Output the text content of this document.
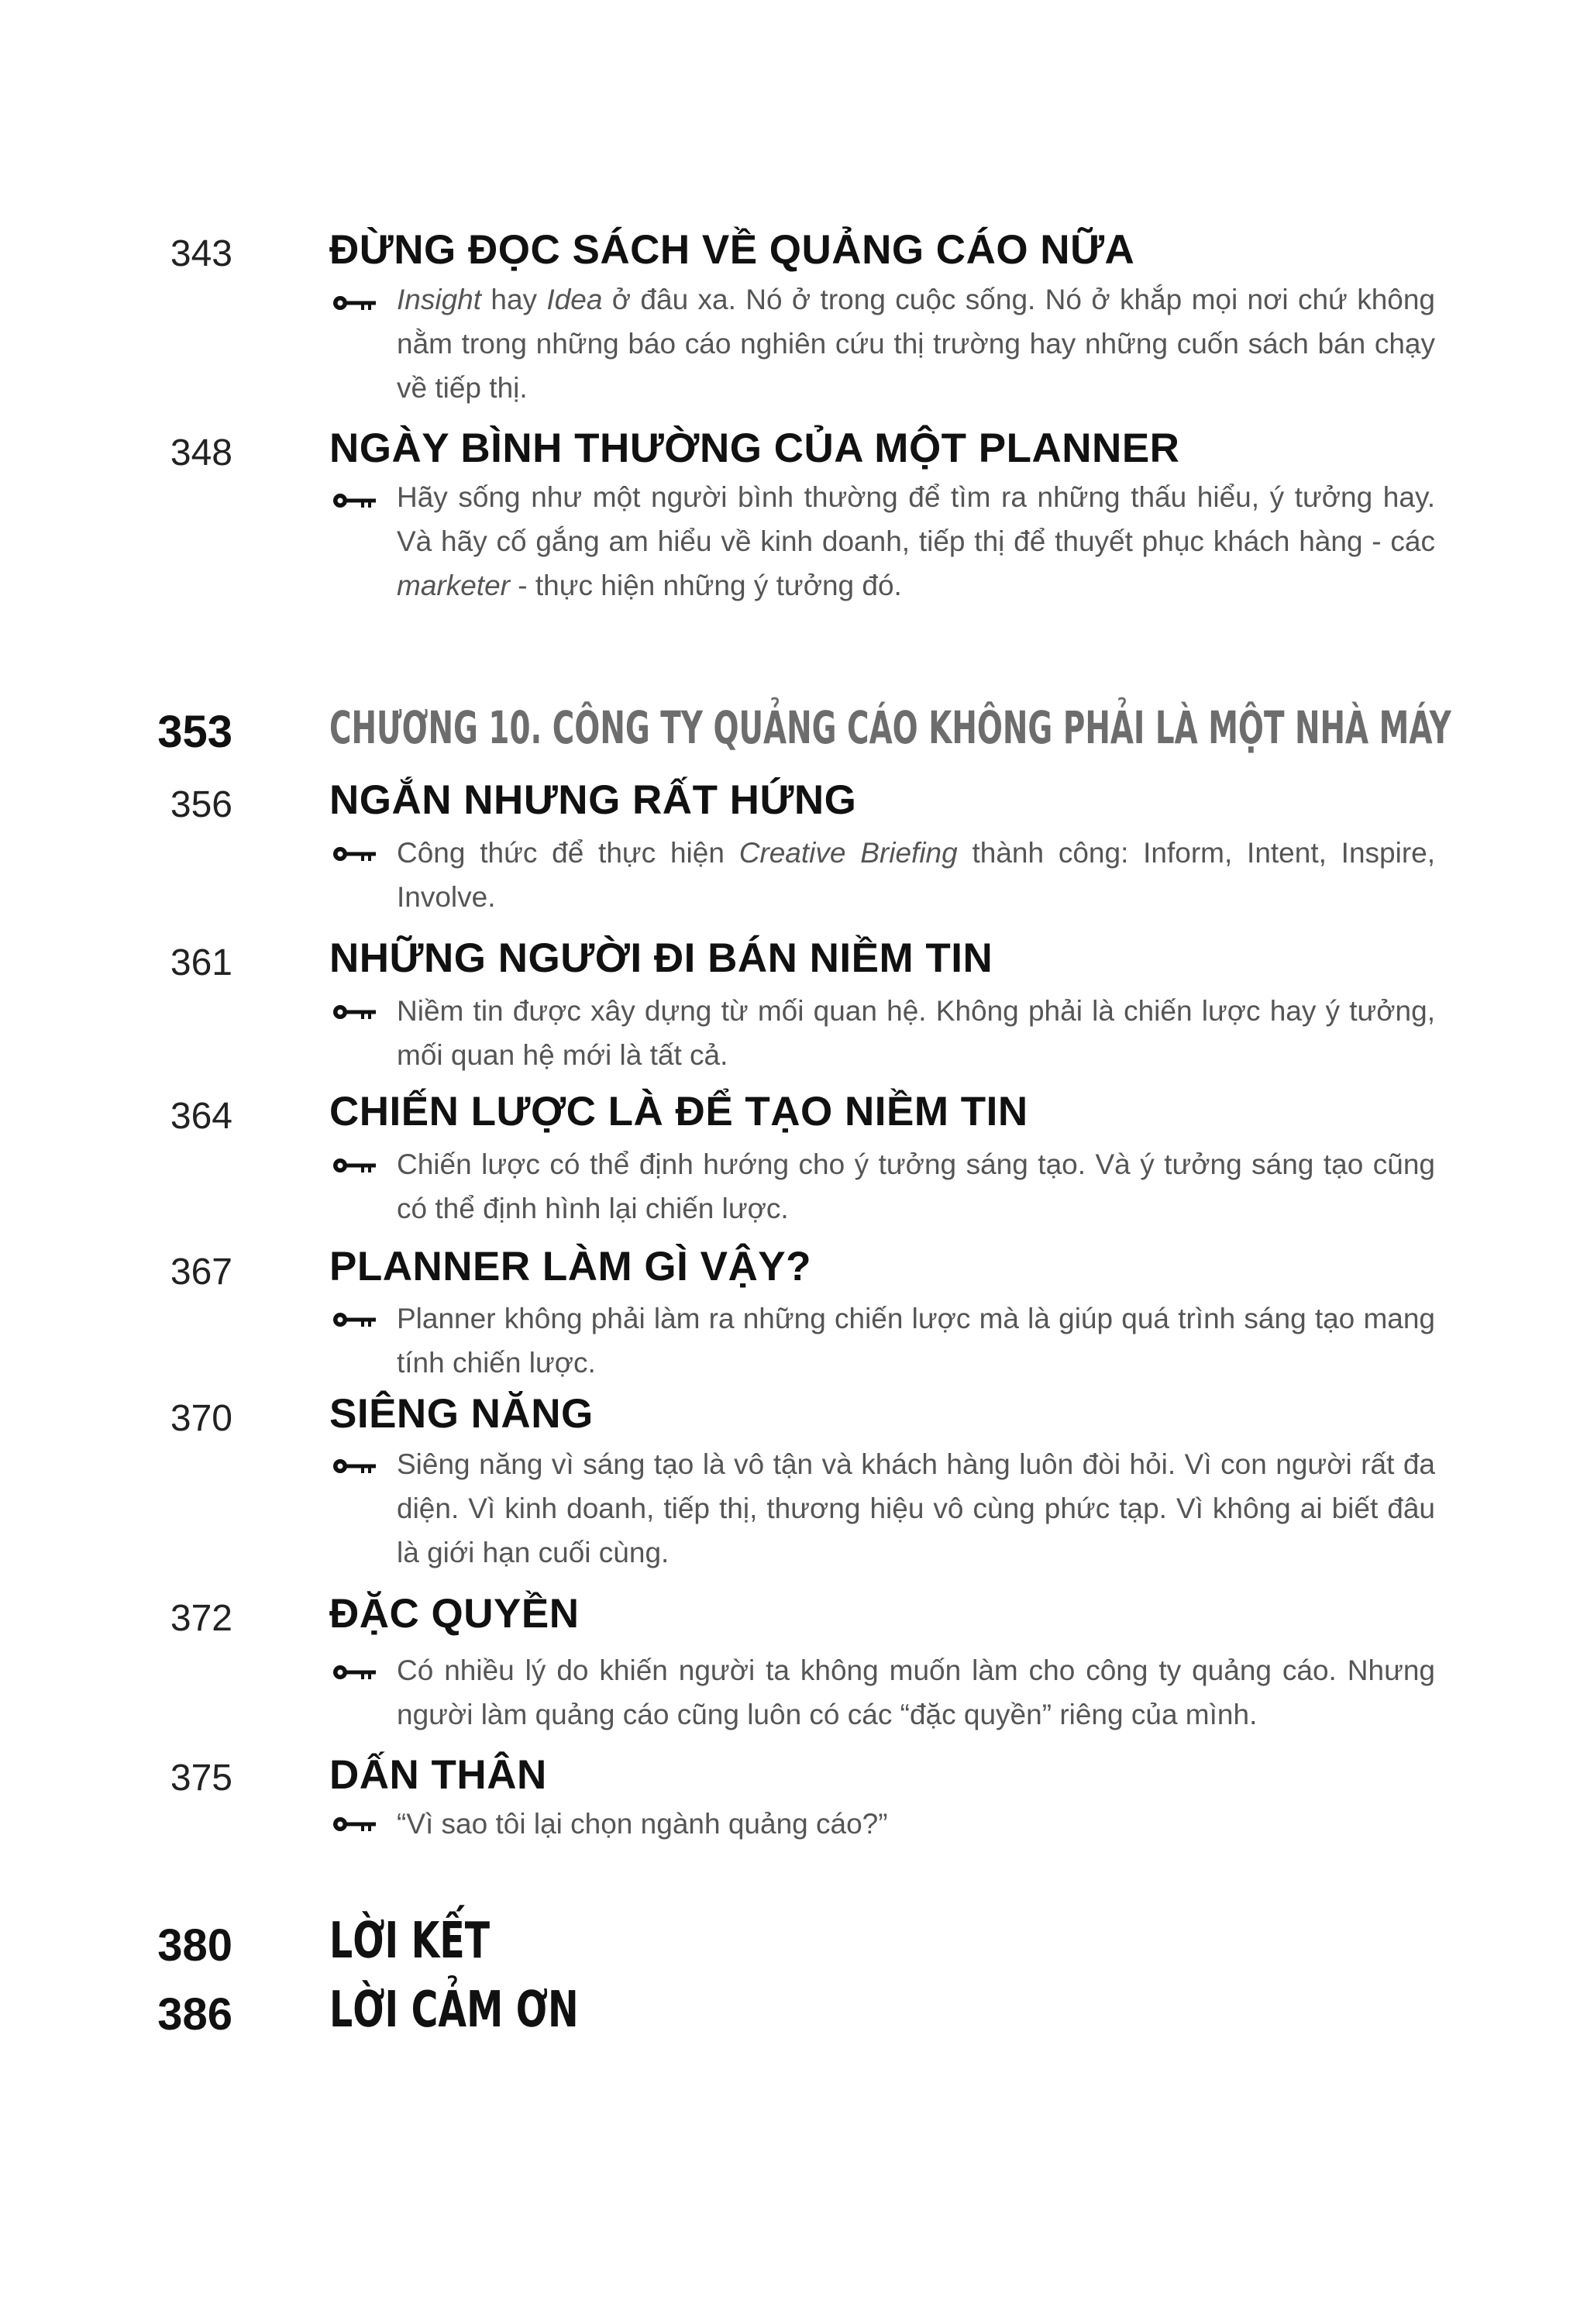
343 ĐỪNG ĐỌC SÁCH VỀ QUẢNG CÁO NỮA
Insight hay Idea ở đâu xa. Nó ở trong cuộc sống. Nó ở khắp mọi nơi chứ không nằm trong những báo cáo nghiên cứu thị trường hay những cuốn sách bán chạy về tiếp thị.
348 NGÀY BÌNH THƯỜNG CỦA MỘT PLANNER
Hãy sống như một người bình thường để tìm ra những thấu hiểu, ý tưởng hay. Và hãy cố gắng am hiểu về kinh doanh, tiếp thị để thuyết phục khách hàng - các marketer - thực hiện những ý tưởng đó.
353 CHƯƠNG 10. CÔNG TY QUẢNG CÁO KHÔNG PHẢI LÀ MỘT NHÀ MÁY
356 NGẮN NHƯNG RẤT HỨNG
Công thức để thực hiện Creative Briefing thành công: Inform, Intent, Inspire, Involve.
361 NHỮNG NGƯỜI ĐI BÁN NIỀM TIN
Niềm tin được xây dựng từ mối quan hệ. Không phải là chiến lược hay ý tưởng, mối quan hệ mới là tất cả.
364 CHIẾN LƯỢC LÀ ĐỂ TẠO NIỀM TIN
Chiến lược có thể định hướng cho ý tưởng sáng tạo. Và ý tưởng sáng tạo cũng có thể định hình lại chiến lược.
367 PLANNER LÀM GÌ VẬY?
Planner không phải làm ra những chiến lược mà là giúp quá trình sáng tạo mang tính chiến lược.
370 SIÊNG NĂNG
Siêng năng vì sáng tạo là vô tận và khách hàng luôn đòi hỏi. Vì con người rất đa diện. Vì kinh doanh, tiếp thị, thương hiệu vô cùng phức tạp. Vì không ai biết đâu là giới hạn cuối cùng.
372 ĐẶC QUYỀN
Có nhiều lý do khiến người ta không muốn làm cho công ty quảng cáo. Nhưng người làm quảng cáo cũng luôn có các “đặc quyền” riêng của mình.
375 DẤN THÂN
“Vì sao tôi lại chọn ngành quảng cáo?”
380 LỜI KẾT
386 LỜI CẢM ƠN
